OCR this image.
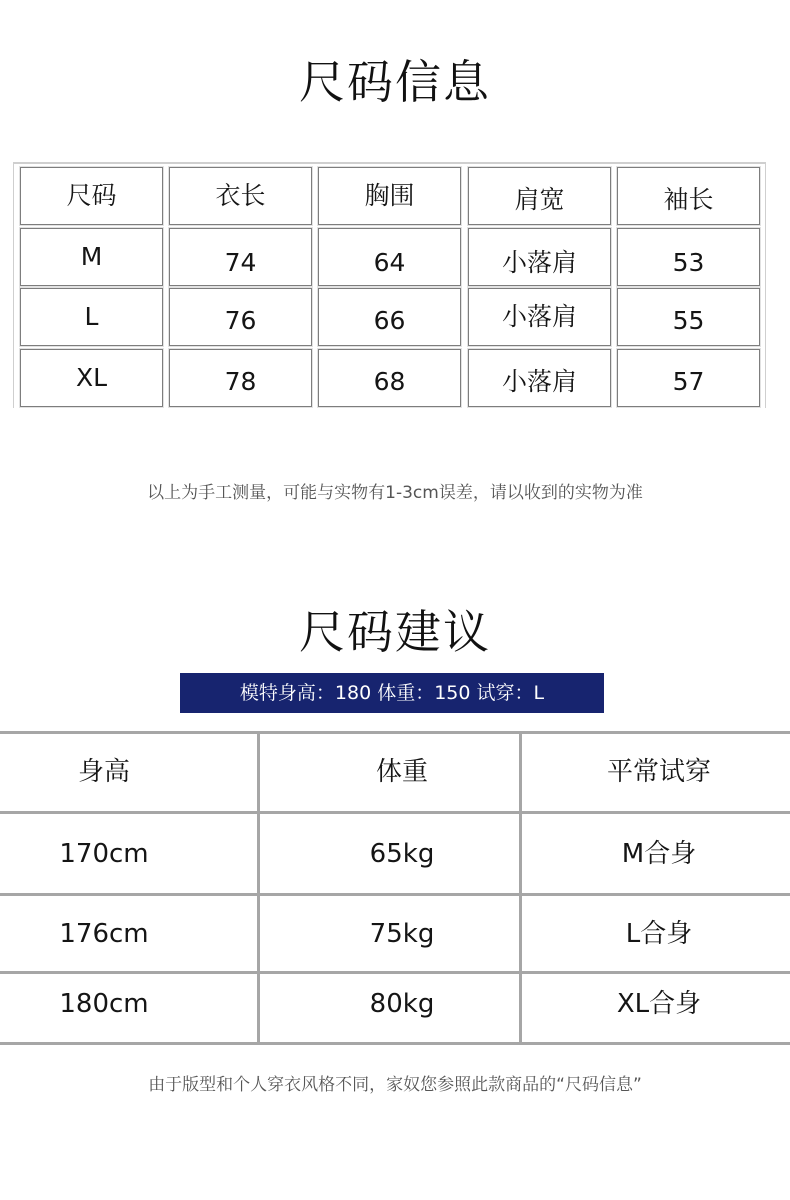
尺码信息
尺码	衣长	胸围	肩宽	袖长
M	74	64	小落肩	53
L	76	66	小落肩	55
XL	78	68	小落肩	57
以上为手工测量，可能与实物有1-3cm误差，请以收到的实物为准
尺码建议
模特身高：180 体重：150 试穿：L
身高	体重	平常试穿
170cm	65kg	M合身
176cm	75kg	L合身
180cm	80kg	XL合身
由于版型和个人穿衣风格不同，家奴您参照此款商品的“尺码信息”
